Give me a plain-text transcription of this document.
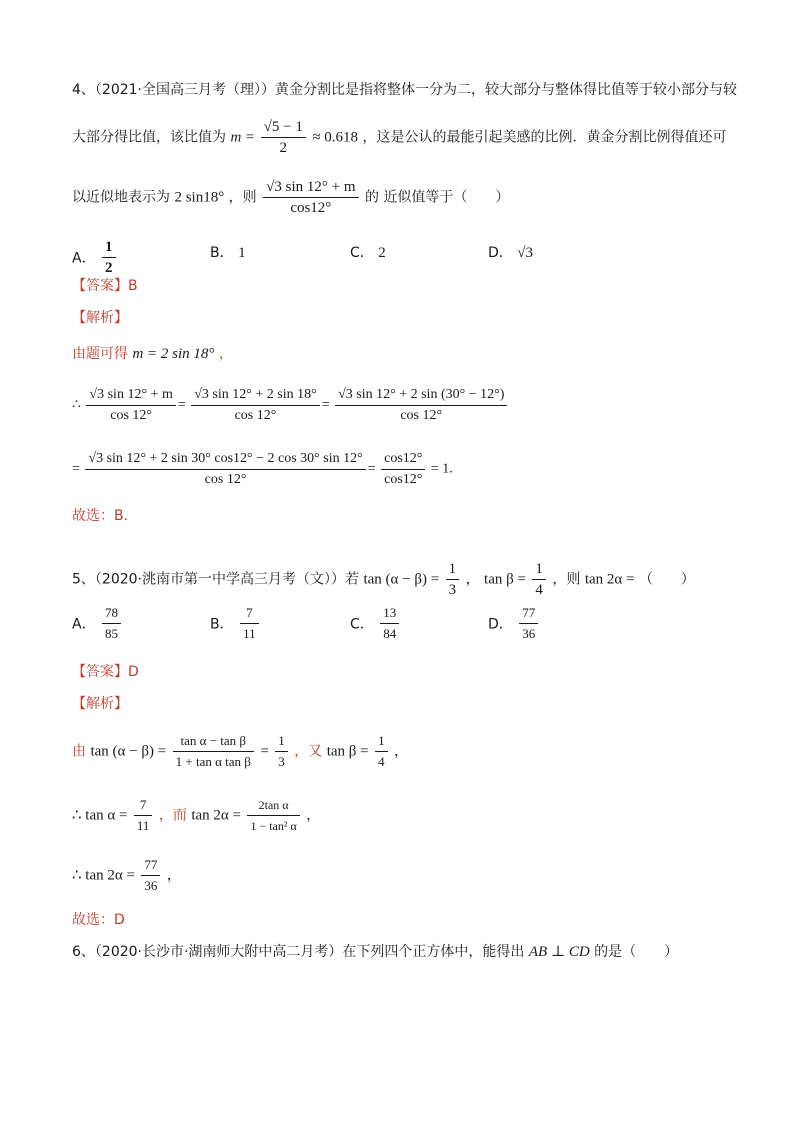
4、（2021·全国高三月考（理））黄金分割比是指将整体一分为二，较大部分与整体得比值等于较小部分与较
大部分得比值，该比值为 $m = \frac{√5 - 1}{2} \approx 0.618$ ，这是公认的最能引起美感的比例．黄金分割比例得值还可
以近似地表示为 2 sin18° ，则 $\frac{√3 \sin 12^\circ + m}{\cos 12^\circ}$ 的 近似值等于（　　）
A． $\frac{1}{2}$	B． 1	C． 2	D． √3
【答案】B
【解析】
由题可得 m = 2 sin 18° ，
∴ $\frac{√3 \sin 12^\circ + m}{\cos 12^\circ} = \frac{√3 \sin 12^\circ + 2 \sin 18^\circ}{\cos 12^\circ} = \frac{√3 \sin 12^\circ + 2 \sin (30^\circ - 12^\circ)}{\cos 12^\circ}$
= $\frac{√3 \sin 12^\circ + 2 \sin 30^\circ \cos 12^\circ - 2 \cos 30^\circ \sin 12^\circ}{\cos 12^\circ} = \frac{\cos 12^\circ}{\cos 12^\circ} = 1$.
故选：B.
5、（2020·洮南市第一中学高三月考（文））若 $\tan (\alpha - \beta) = \frac{1}{3}$ ， $\tan \beta = \frac{1}{4}$ ，则 tan 2α = （　　）
A． $\frac{78}{85}$	B． $\frac{7}{11}$	C． $\frac{13}{84}$	D． $\frac{77}{36}$
【答案】D
【解析】
由 $\tan (\alpha - \beta) = \frac{\text{tan α − tan β}}{\text{1 + tan α tan β}} = \frac{1}{3}$ ，又 $\tan \beta = \frac{1}{4}$ ，
∴ $\tan \alpha = \frac{7}{11}$ ，而 $\tan 2\alpha = \frac{\text{2tan α}}{\text{1 − tan² α}}$ ，
∴ $\tan 2\alpha = \frac{77}{36}$ ，
故选：D
6、（2020·长沙市·湖南师大附中高二月考）在下列四个正方体中，能得出 AB ⊥ CD 的是（　　）
